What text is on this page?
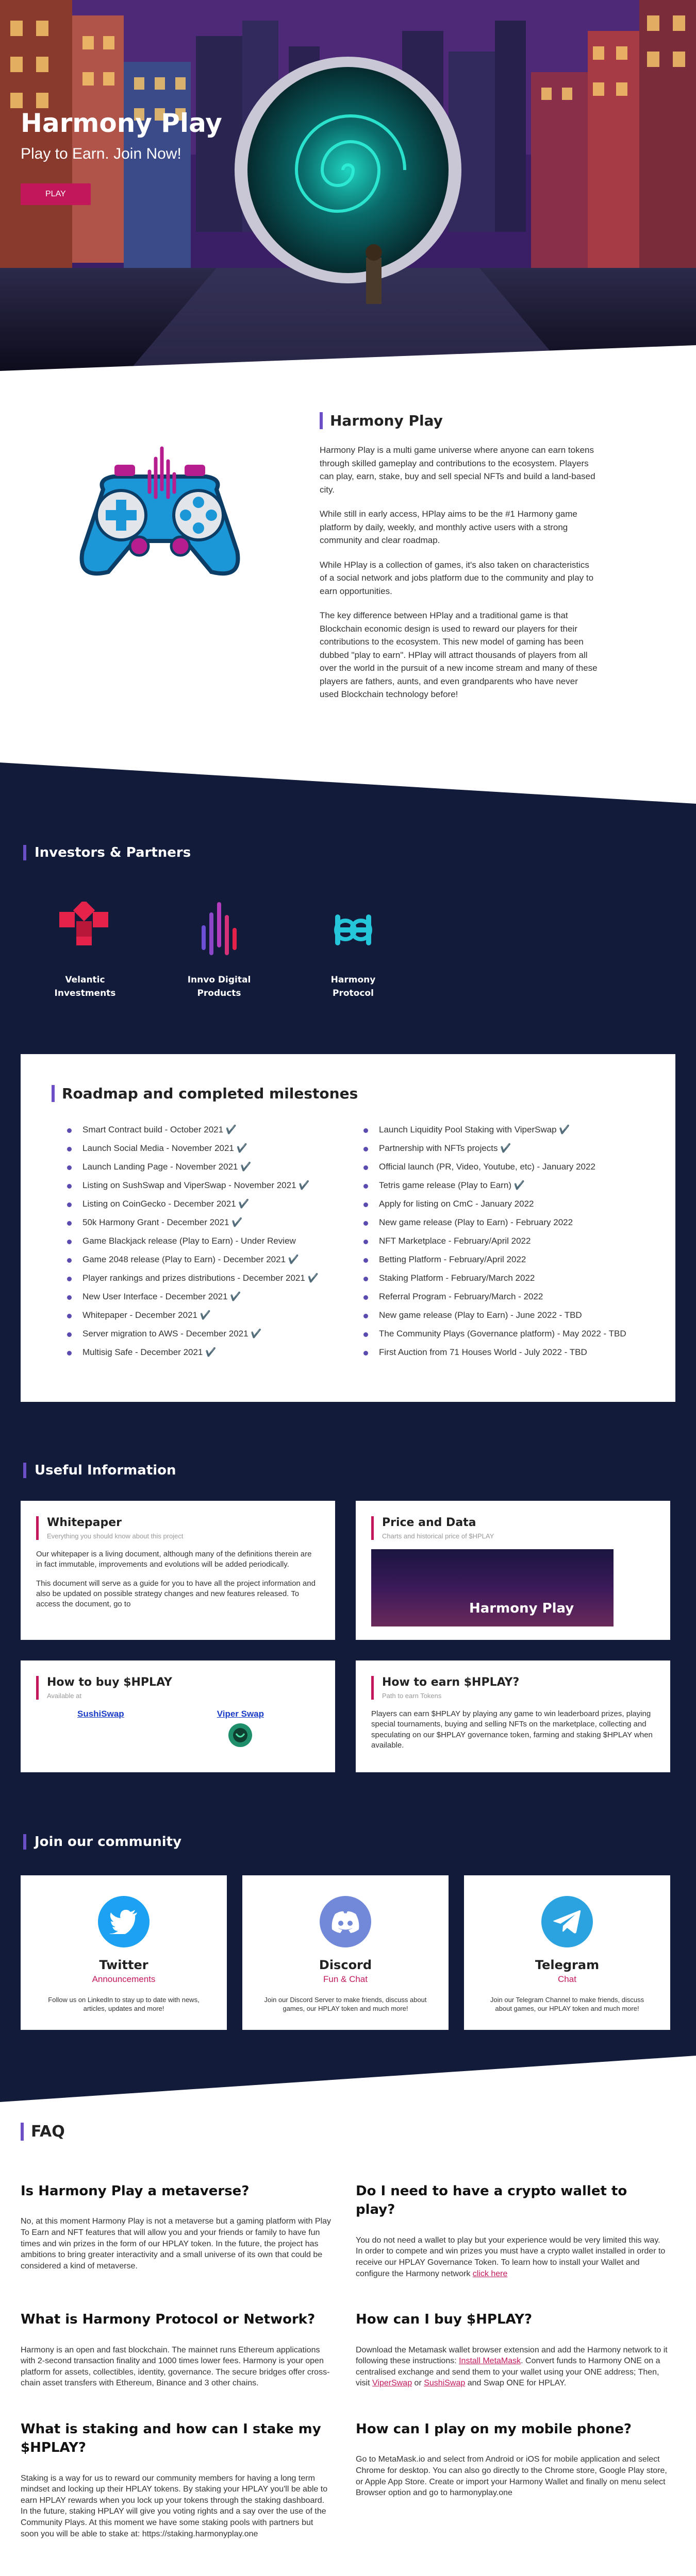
Harmony Play
Play to Earn. Join Now!
PLAY
Harmony Play

Harmony Play is a multi game universe where anyone can earn tokens through skilled gameplay and contributions to the ecosystem. Players can play, earn, stake, buy and sell special NFTs and build a land-based city.

While still in early access, HPlay aims to be the #1 Harmony game platform by daily, weekly, and monthly active users with a strong community and clear roadmap.

While HPlay is a collection of games, it's also taken on characteristics of a social network and jobs platform due to the community and play to earn opportunities.

The key difference between HPlay and a traditional game is that Blockchain economic design is used to reward our players for their contributions to the ecosystem. This new model of gaming has been dubbed "play to earn". HPlay will attract thousands of players from all over the world in the pursuit of a new income stream and many of these players are fathers, aunts, and even grandparents who have never used Blockchain technology before!

Investors & Partners
Velantic
Investments
Innvo Digital
Products
Harmony
Protocol
Roadmap and completed milestones
Smart Contract build - October 2021 ✔️
Launch Social Media - November 2021 ✔️
Launch Landing Page - November 2021 ✔️
Listing on SushSwap and ViperSwap - November 2021 ✔️
Listing on CoinGecko - December 2021 ✔️
50k Harmony Grant - December 2021 ✔️
Game Blackjack release (Play to Earn) - Under Review
Game 2048 release (Play to Earn) - December 2021 ✔️
Player rankings and prizes distributions - December 2021 ✔️
New User Interface - December 2021 ✔️
Whitepaper - December 2021 ✔️
Server migration to AWS - December 2021 ✔️
Multisig Safe - December 2021 ✔️
Launch Liquidity Pool Staking with ViperSwap ✔️
Partnership with NFTs projects ✔️
Official launch (PR, Video, Youtube, etc) - January 2022
Tetris game release (Play to Earn) ✔️
Apply for listing on CmC - January 2022
New game release (Play to Earn) - February 2022
NFT Marketplace - February/April 2022
Betting Platform - February/April 2022
Staking Platform - February/March 2022
Referral Program - February/March - 2022
New game release (Play to Earn) - June 2022 - TBD
The Community Plays (Governance platform) - May 2022 - TBD
First Auction from 71 Houses World - July 2022 - TBD
Useful Information
Whitepaper
Everything you should know about this project

Our whitepaper is a living document, although many of the definitions therein are in fact immutable, improvements and evolutions will be added periodically.

This document will serve as a guide for you to have all the project information and also be updated on possible strategy changes and new features released. To access the document, go to

Price and Data
Charts and historical price of $HPLAY
Harmony Play
How to buy $HPLAY
Available at
SushiSwap	Viper Swap
How to earn $HPLAY?
Path to earn Tokens

Players can earn $HPLAY by playing any game to win leaderboard prizes, playing special tournaments, buying and selling NFTs on the marketplace, collecting and speculating on our $HPLAY governance token, farming and staking $HPLAY when available.

Join our community
Twitter
Announcements

Follow us on LinkedIn to stay up to date with news, articles, updates and more!

Discord
Fun & Chat

Join our Discord Server to make friends, discuss about games, our HPLAY token and much more!

Telegram
Chat

Join our Telegram Channel to make friends, discuss about games, our HPLAY token and much more!

FAQ
Is Harmony Play a metaverse?

No, at this moment Harmony Play is not a metaverse but a gaming platform with Play To Earn and NFT features that will allow you and your friends or family to have fun times and win prizes in the form of our HPLAY token. In the future, the project has ambitions to bring greater interactivity and a small universe of its own that could be considered a kind of metaverse.

Do I need to have a crypto wallet to play?

You do not need a wallet to play but your experience would be very limited this way. In order to compete and win prizes you must have a crypto wallet installed in order to receive our HPLAY Governance Token. To learn how to install your Wallet and configure the Harmony network click here

What is Harmony Protocol or Network?

Harmony is an open and fast blockchain. The mainnet runs Ethereum applications with 2-second transaction finality and 1000 times lower fees. Harmony is your open platform for assets, collectibles, identity, governance. The secure bridges offer cross-chain asset transfers with Ethereum, Binance and 3 other chains.

How can I buy $HPLAY?

Download the Metamask wallet browser extension and add the Harmony network to it following these instructions: Install MetaMask. Convert funds to Harmony ONE on a centralised exchange and send them to your wallet using your ONE address; Then, visit ViperSwap or SushiSwap and Swap ONE for HPLAY.

What is staking and how can I stake my $HPLAY?

Staking is a way for us to reward our community members for having a long term mindset and locking up their HPLAY tokens. By staking your HPLAY you'll be able to earn HPLAY rewards when you lock up your tokens through the staking dashboard. In the future, staking HPLAY will give you voting rights and a say over the use of the Community Plays. At this moment we have some staking pools with partners but soon you will be able to stake at: https://staking.harmonyplay.one

How can I play on my mobile phone?

Go to MetaMask.io and select from Android or iOS for mobile application and select Chrome for desktop. You can also go directly to the Chrome store, Google Play store, or Apple App Store. Create or import your Harmony Wallet and finally on menu select Browser option and go to harmonyplay.one
